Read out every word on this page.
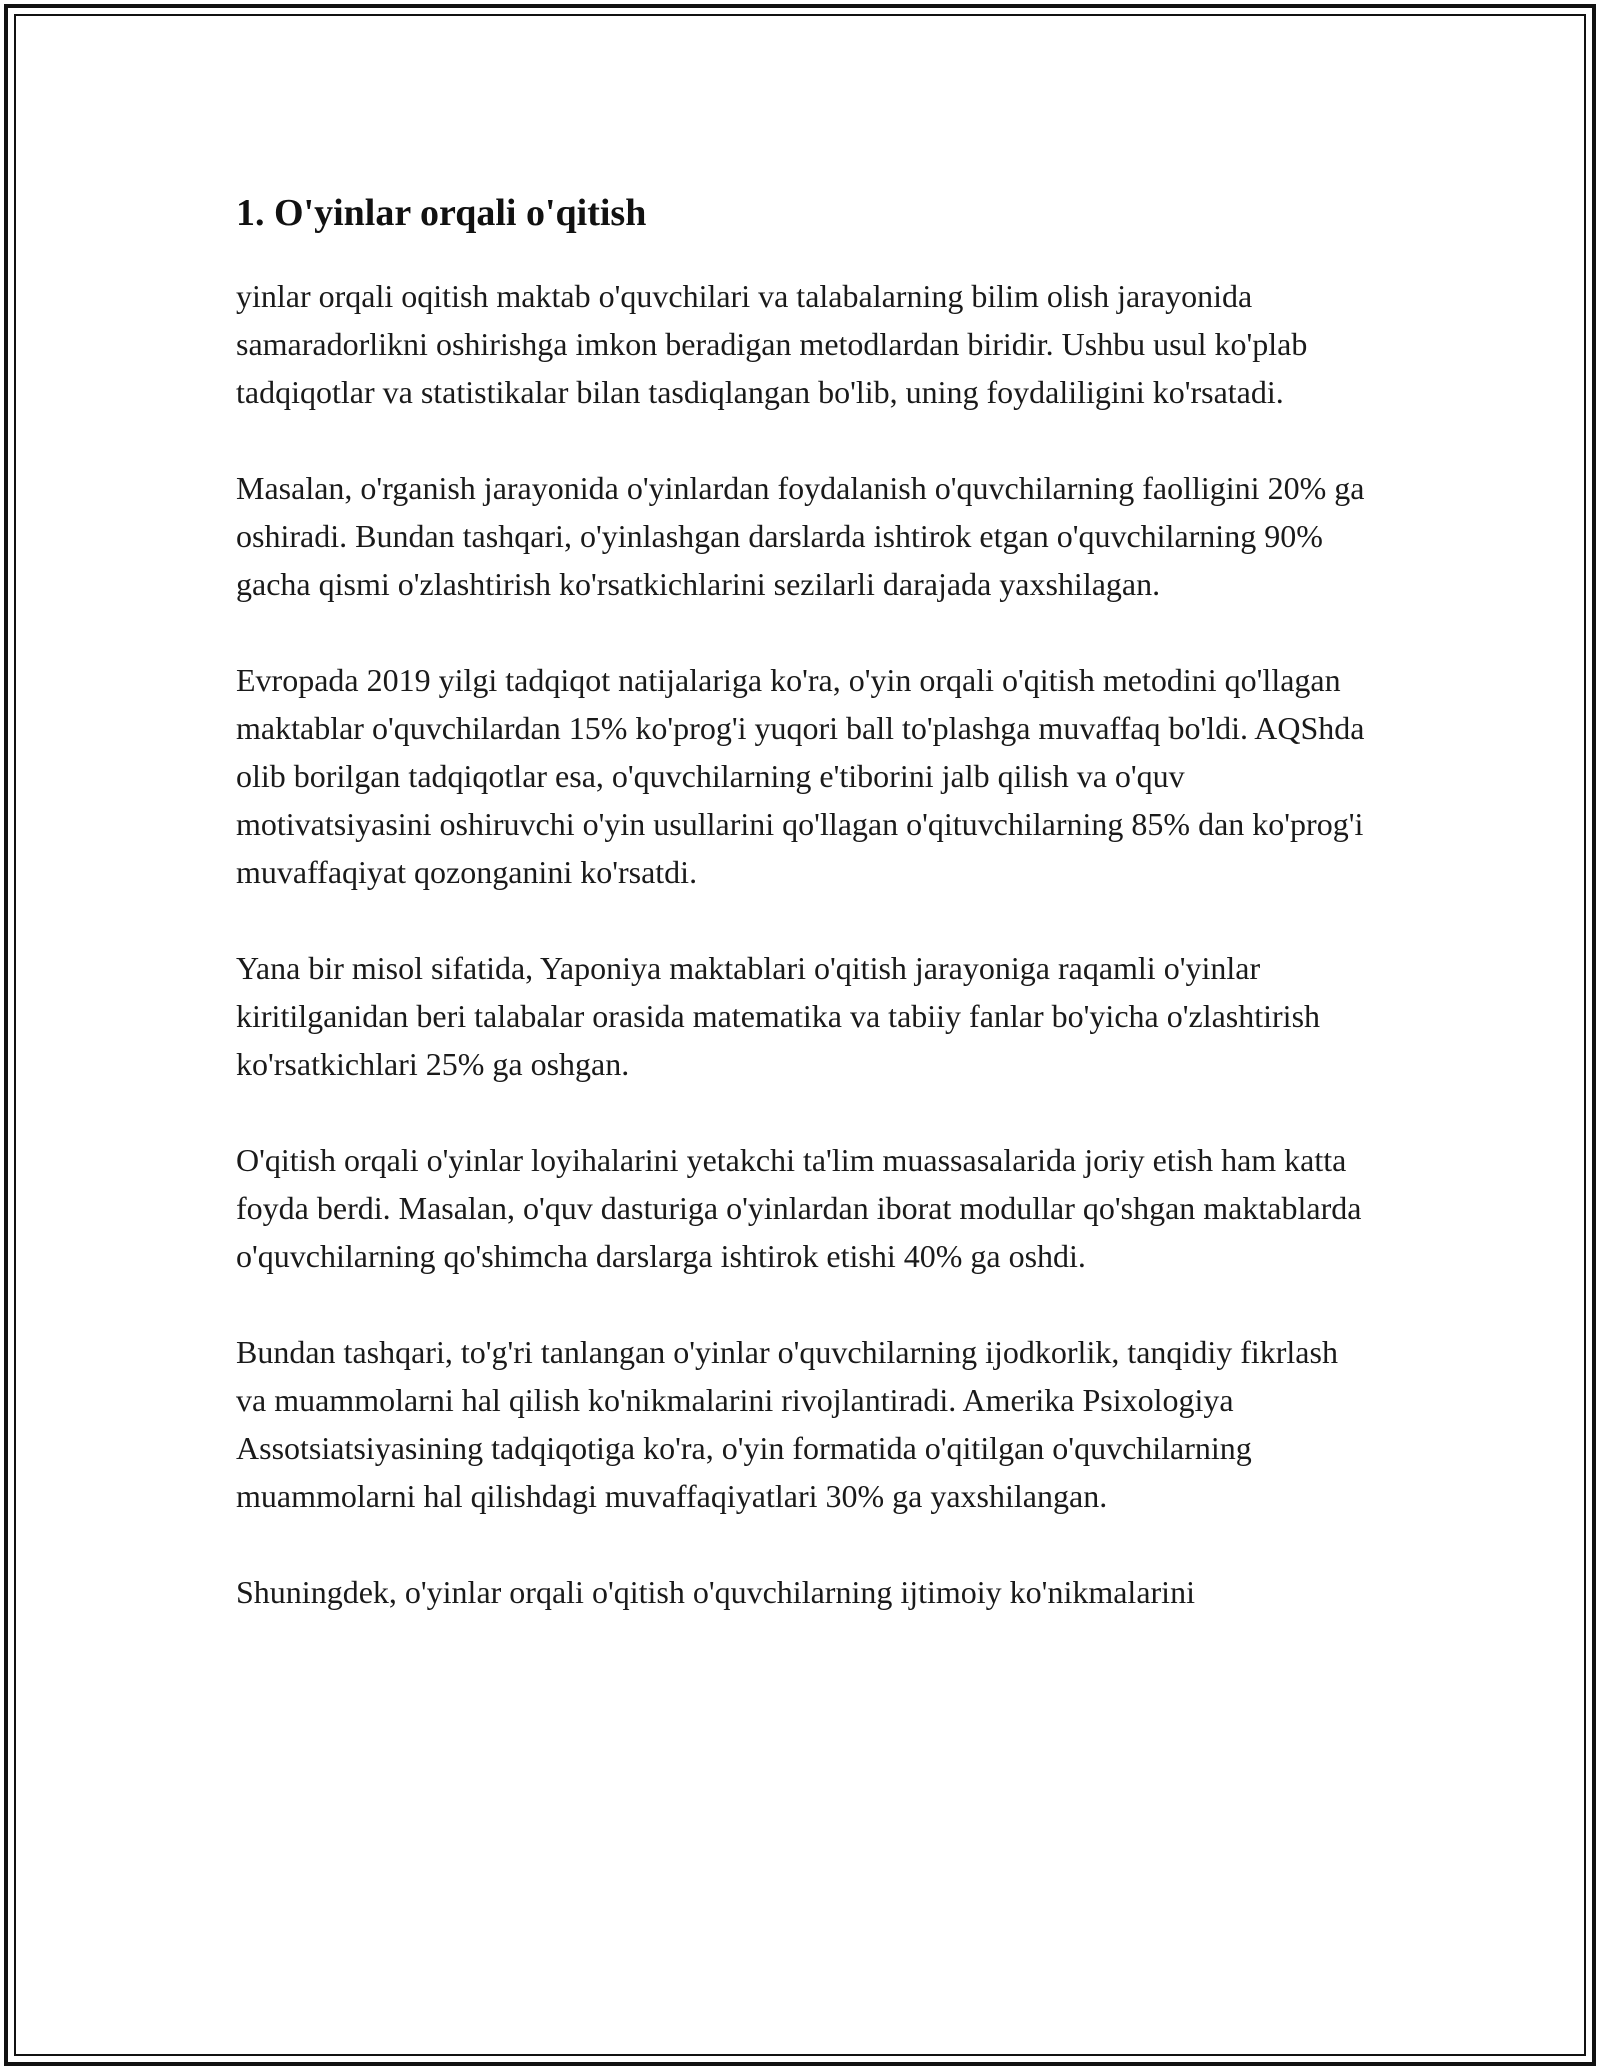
1. O'yinlar orqali o'qitish

yinlar orqali oqitish maktab o'quvchilari va talabalarning bilim olish jarayonida samaradorlikni oshirishga imkon beradigan metodlardan biridir. Ushbu usul ko'plab tadqiqotlar va statistikalar bilan tasdiqlangan bo'lib, uning foydaliligini ko'rsatadi.

Masalan, o'rganish jarayonida o'yinlardan foydalanish o'quvchilarning faolligini 20% ga oshiradi. Bundan tashqari, o'yinlashgan darslarda ishtirok etgan o'quvchilarning 90% gacha qismi o'zlashtirish ko'rsatkichlarini sezilarli darajada yaxshilagan.

Evropada 2019 yilgi tadqiqot natijalariga ko'ra, o'yin orqali o'qitish metodini qo'llagan maktablar o'quvchilardan 15% ko'prog'i yuqori ball to'plashga muvaffaq bo'ldi. AQShda olib borilgan tadqiqotlar esa, o'quvchilarning e'tiborini jalb qilish va o'quv motivatsiyasini oshiruvchi o'yin usullarini qo'llagan o'qituvchilarning 85% dan ko'prog'i muvaffaqiyat qozonganini ko'rsatdi.

Yana bir misol sifatida, Yaponiya maktablari o'qitish jarayoniga raqamli o'yinlar kiritilganidan beri talabalar orasida matematika va tabiiy fanlar bo'yicha o'zlashtirish ko'rsatkichlari 25% ga oshgan.

O'qitish orqali o'yinlar loyihalarini yetakchi ta'lim muassasalarida joriy etish ham katta foyda berdi. Masalan, o'quv dasturiga o'yinlardan iborat modullar qo'shgan maktablarda o'quvchilarning qo'shimcha darslarga ishtirok etishi 40% ga oshdi.

Bundan tashqari, to'g'ri tanlangan o'yinlar o'quvchilarning ijodkorlik, tanqidiy fikrlash va muammolarni hal qilish ko'nikmalarini rivojlantiradi. Amerika Psixologiya Assotsiatsiyasining tadqiqotiga ko'ra, o'yin formatida o'qitilgan o'quvchilarning muammolarni hal qilishdagi muvaffaqiyatlari 30% ga yaxshilangan.

Shuningdek, o'yinlar orqali o'qitish o'quvchilarning ijtimoiy ko'nikmalarini
